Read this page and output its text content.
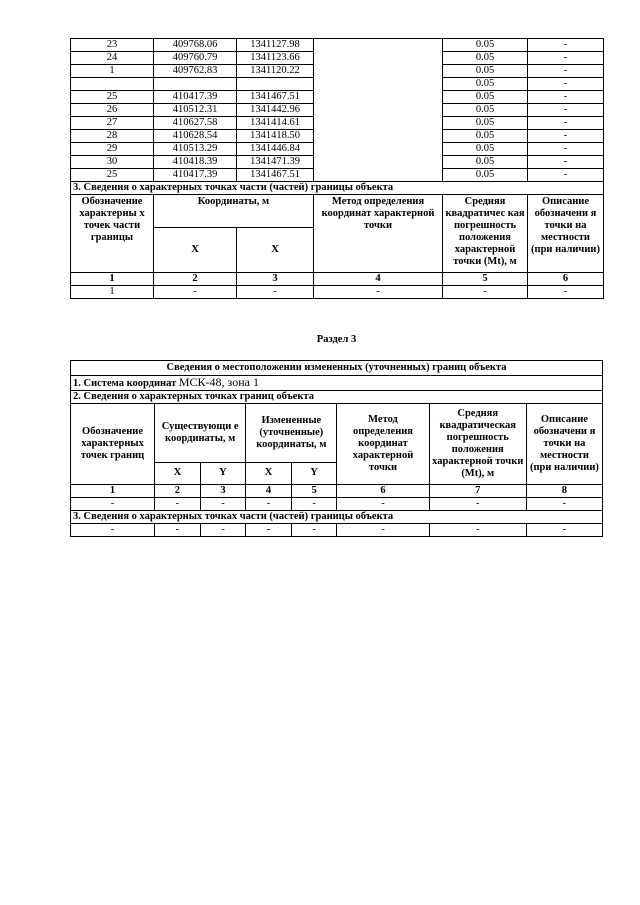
23	409768.06	1341127.98		0.05	-
24	409760.79	1341123.66		0.05	-
1	409762.83	1341120.22		0.05	-
				0.05	-
25	410417.39	1341467.51		0.05	-
26	410512.31	1341442.96		0.05	-
27	410627.58	1341414.61		0.05	-
28	410628.54	1341418.50		0.05	-
29	410513.29	1341446.84		0.05	-
30	410418.39	1341471.39		0.05	-
25	410417.39	1341467.51		0.05	-
3. Сведения о характерных точках части (частей) границы объекта					
Обозначение характерны х точек части границы	Координаты, м		Метод определения координат характерной точки	Средняя квадратичес кая погрешность положения характерной точки (Mt), м	Описание обозначени я точки на местности (при наличии)
	X	X			
1	2	3	4	5	6
1	-	-	-	-	-
Раздел 3
Сведения о местоположении измененных (уточненных) границ объекта							
1. Система координат МСК-48, зона 1							
2. Сведения о характерных точках границ объекта							
Обозначение характерных точек границ	Существующи е координаты, м		Измененные (уточненные) координаты, м		Метод определения координат характерной точки	Средняя квадратическая погрешность положения характерной точки (Mt), м	Описание обозначени я точки на местности (при наличии)
	X	Y	X	Y			
1	2	3	4	5	6	7	8
-	-	-	-	-	-	-	-
3. Сведения о характерных точках части (частей) границы объекта							
-	-	-	-	-	-	-	-
